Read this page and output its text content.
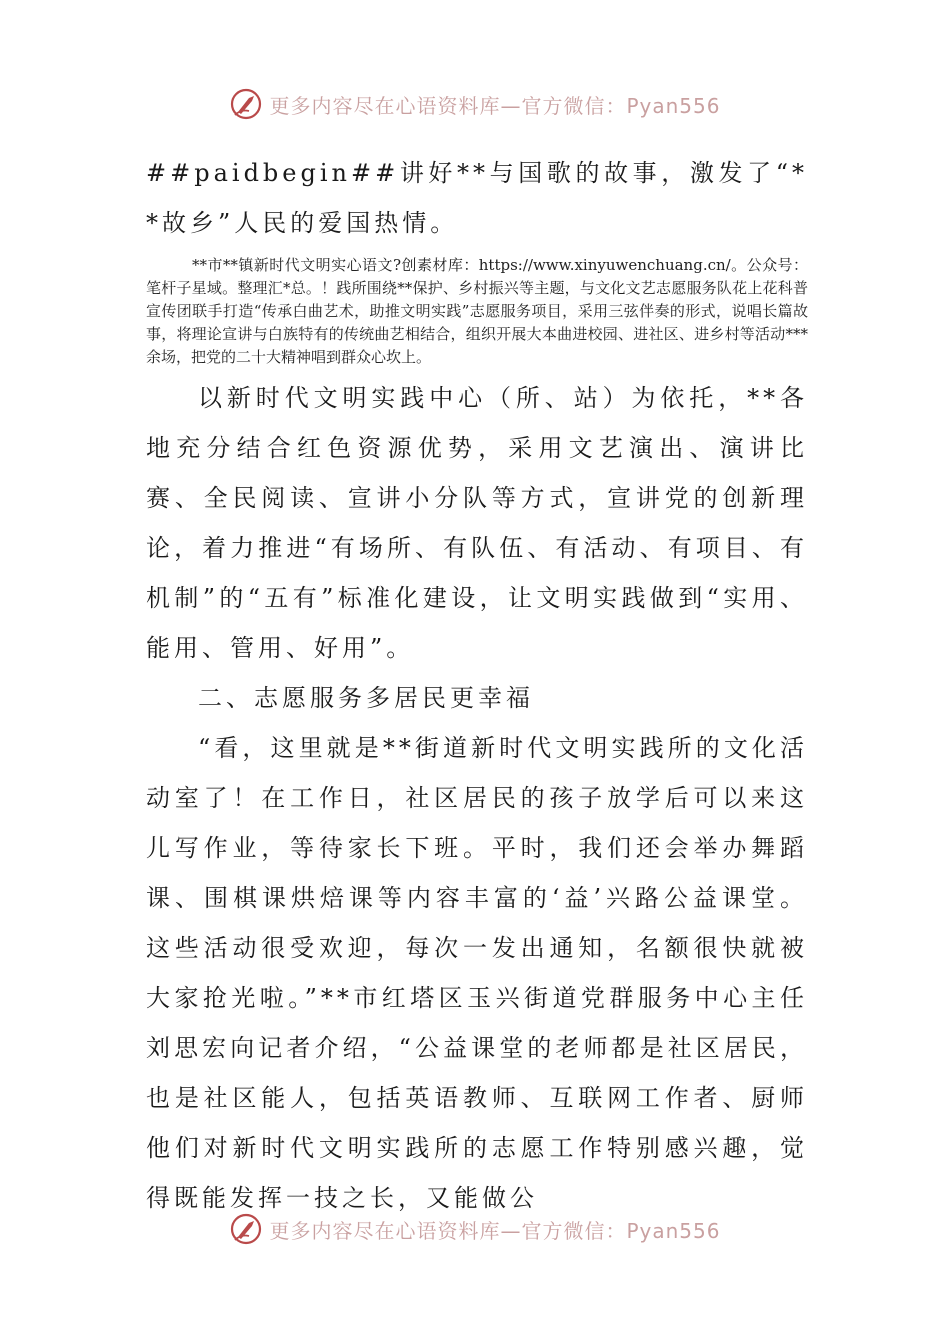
更多内容尽在心语资料库—官方微信：Pyan556

##paidbegin##讲好**与国歌的故事，激发了“**故乡”人民的爱国热情。

**市**镇新时代文明实心语文?创素材库：https://www.xinyuwenchuang.cn/。公众号：笔杆子星域。整理汇*总。！践所围绕**保护、乡村振兴等主题，与文化文艺志愿服务队花上花科普宣传团联手打造“传承白曲艺术，助推文明实践”志愿服务项目，采用三弦伴奏的形式，说唱长篇故事，将理论宣讲与白族特有的传统曲艺相结合，组织开展大本曲进校园、进社区、进乡村等活动***余场，把党的二十大精神唱到群众心坎上。

以新时代文明实践中心（所、站）为依托，**各地充分结合红色资源优势，采用文艺演出、演讲比赛、全民阅读、宣讲小分队等方式，宣讲党的创新理论，着力推进“有场所、有队伍、有活动、有项目、有机制”的“五有”标准化建设，让文明实践做到“实用、能用、管用、好用”。

二、志愿服务多居民更幸福

“看，这里就是**街道新时代文明实践所的文化活动室了！在工作日，社区居民的孩子放学后可以来这儿写作业，等待家长下班。平时，我们还会举办舞蹈课、围棋课烘焙课等内容丰富的‘益’兴路公益课堂。这些活动很受欢迎，每次一发出通知，名额很快就被大家抢光啦。”**市红塔区玉兴街道党群服务中心主任刘思宏向记者介绍，“公益课堂的老师都是社区居民，也是社区能人，包括英语教师、互联网工作者、厨师他们对新时代文明实践所的志愿工作特别感兴趣，觉得既能发挥一技之长，又能做公

更多内容尽在心语资料库—官方微信：Pyan556
